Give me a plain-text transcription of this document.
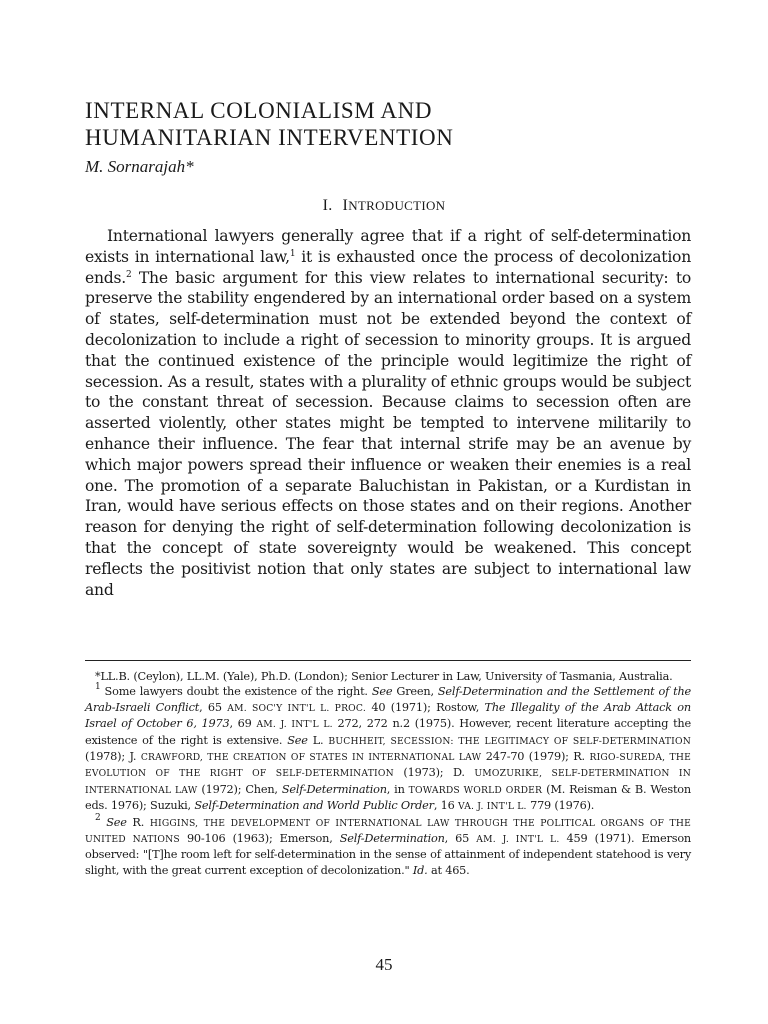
INTERNAL COLONIALISM AND
HUMANITARIAN INTERVENTION
M. Sornarajah*
I. INTRODUCTION

International lawyers generally agree that if a right of self-determination exists in international law,$^1$ it is exhausted once the process of decolonization ends.$^2$ The basic argument for this view relates to international security: to preserve the stability engendered by an international order based on a system of states, self-determination must not be extended beyond the context of decolonization to include a right of secession to minority groups. It is argued that the continued existence of the principle would legitimize the right of secession. As a result, states with a plurality of ethnic groups would be subject to the constant threat of secession. Because claims to secession often are asserted violently, other states might be tempted to intervene militarily to enhance their influence. The fear that internal strife may be an avenue by which major powers spread their influence or weaken their enemies is a real one. The promotion of a separate Baluchistan in Pakistan, or a Kurdistan in Iran, would have serious effects on those states and on their regions. Another reason for denying the right of self-determination following decolonization is that the concept of state sovereignty would be weakened. This concept reflects the positivist notion that only states are subject to international law and

*LL.B. (Ceylon), LL.M. (Yale), Ph.D. (London); Senior Lecturer in Law, University of Tasmania, Australia.

$^1$ Some lawyers doubt the existence of the right. See Green, Self-Determination and the Settlement of the Arab-Israeli Conflict, 65 AM. SOC'Y INT'L L. PROC. 40 (1971); Rostow, The Illegality of the Arab Attack on Israel of October 6, 1973, 69 AM. J. INT'L L. 272, 272 n.2 (1975). However, recent literature accepting the existence of the right is extensive. See L. BUCHHEIT, SECESSION: THE LEGITIMACY OF SELF-DETERMINATION (1978); J. CRAWFORD, THE CREATION OF STATES IN INTERNATIONAL LAW 247-70 (1979); R. RIGO-SUREDA, THE EVOLUTION OF THE RIGHT OF SELF-DETERMINATION (1973); D. UMOZURIKE, SELF-DETERMINATION IN INTERNATIONAL LAW (1972); Chen, Self-Determination, in TOWARDS WORLD ORDER (M. Reisman & B. Weston eds. 1976); Suzuki, Self-Determination and World Public Order, 16 VA. J. INT'L L. 779 (1976).

$^2$ See R. HIGGINS, THE DEVELOPMENT OF INTERNATIONAL LAW THROUGH THE POLITICAL ORGANS OF THE UNITED NATIONS 90-106 (1963); Emerson, Self-Determination, 65 AM. J. INT'L L. 459 (1971). Emerson observed: "[T]he room left for self-determination in the sense of attainment of independent statehood is very slight, with the great current exception of decolonization." Id. at 465.

45
